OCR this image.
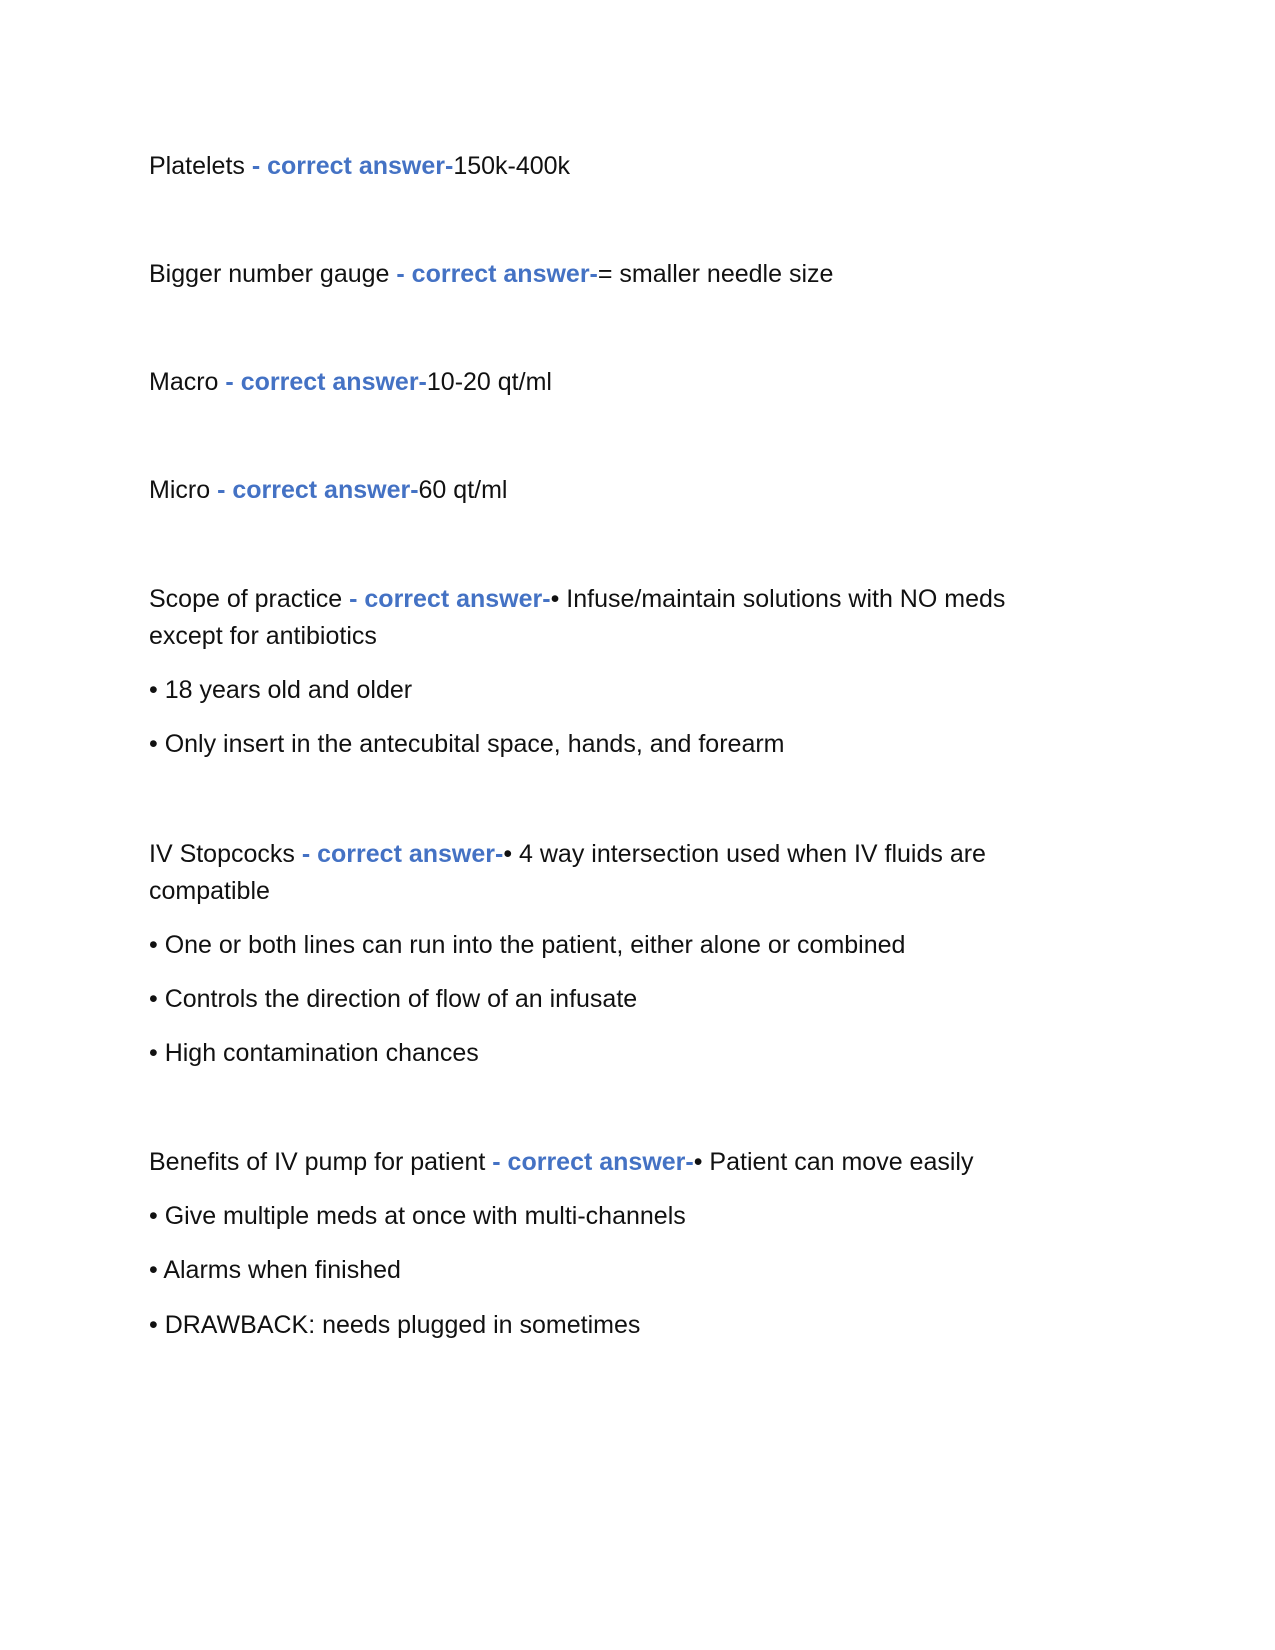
Platelets - correct answer-150k-400k
Bigger number gauge - correct answer-= smaller needle size
Macro - correct answer-10-20 qt/ml
Micro - correct answer-60 qt/ml
Scope of practice - correct answer-• Infuse/maintain solutions with NO meds
except for antibiotics
• 18 years old and older
• Only insert in the antecubital space, hands, and forearm
IV Stopcocks - correct answer-• 4 way intersection used when IV fluids are
compatible
• One or both lines can run into the patient, either alone or combined
• Controls the direction of flow of an infusate
• High contamination chances
Benefits of IV pump for patient - correct answer-• Patient can move easily
• Give multiple meds at once with multi-channels
• Alarms when finished
• DRAWBACK: needs plugged in sometimes
